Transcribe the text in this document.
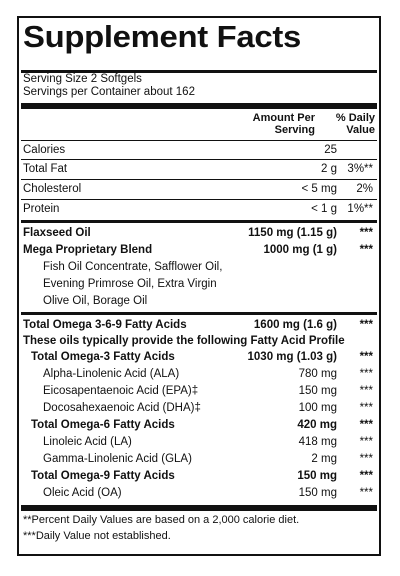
Supplement Facts
Serving Size 2 Softgels
Servings per Container about 162
Amount Per
Serving
% Daily
Value
Calories	25
Total Fat	2 g 3%**
Cholesterol	< 5 mg 2%
Protein	< 1 g 1%**
Flaxseed Oil	1150 mg (1.15 g) ***
Mega Proprietary Blend	1000 mg (1 g) ***
Fish Oil Concentrate, Safflower Oil,
Evening Primrose Oil, Extra Virgin
Olive Oil, Borage Oil
Total Omega 3-6-9 Fatty Acids	1600 mg (1.6 g) ***
These oils typically provide the following Fatty Acid Profile
Total Omega-3 Fatty Acids	1030 mg (1.03 g) ***
Alpha-Linolenic Acid (ALA)	780 mg ***
Eicosapentaenoic Acid (EPA)‡	150 mg ***
Docosahexaenoic Acid (DHA)‡	100 mg ***
Total Omega-6 Fatty Acids	420 mg ***
Linoleic Acid (LA)	418 mg ***
Gamma-Linolenic Acid (GLA)	2 mg ***
Total Omega-9 Fatty Acids	150 mg ***
Oleic Acid (OA)	150 mg ***
**Percent Daily Values are based on a 2,000 calorie diet.
***Daily Value not established.
